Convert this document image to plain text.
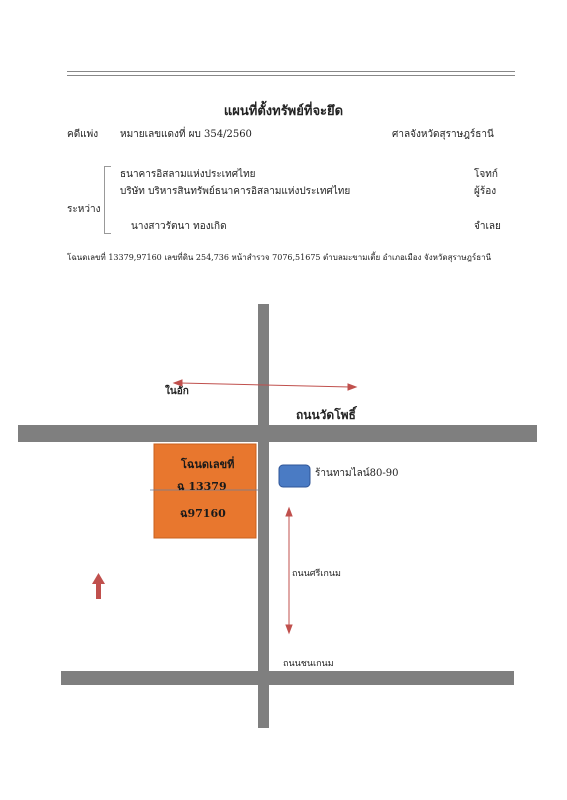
แผนที่ตั้งทรัพย์ที่จะยึด
คดีแพ่ง หมายเลขแดงที่ ผบ 354/2560	ศาลจังหวัดสุราษฎร์ธานี
ระหว่าง
ธนาคารอิสลามแห่งประเทศไทย	โจทก์
บริษัท บริหารสินทรัพย์ธนาคารอิสลามแห่งประเทศไทย	ผู้ร้อง
นางสาวรัตนา ทองเกิด	จำเลย
โฉนดเลขที่ 13379,97160 เลขที่ดิน 254,736 หน้าสำรวจ 7076,51675 ตำบลมะขามเตี้ย อำเภอเมือง จังหวัดสุราษฎร์ธานี
ในอัก
ถนนวัดโพธิ์
ร้านทามไลน์80-90
ถนนศรีเกนม
ถนนชนเกนม
โฉนดเลขที่
ฉ 13379
ฉ97160
